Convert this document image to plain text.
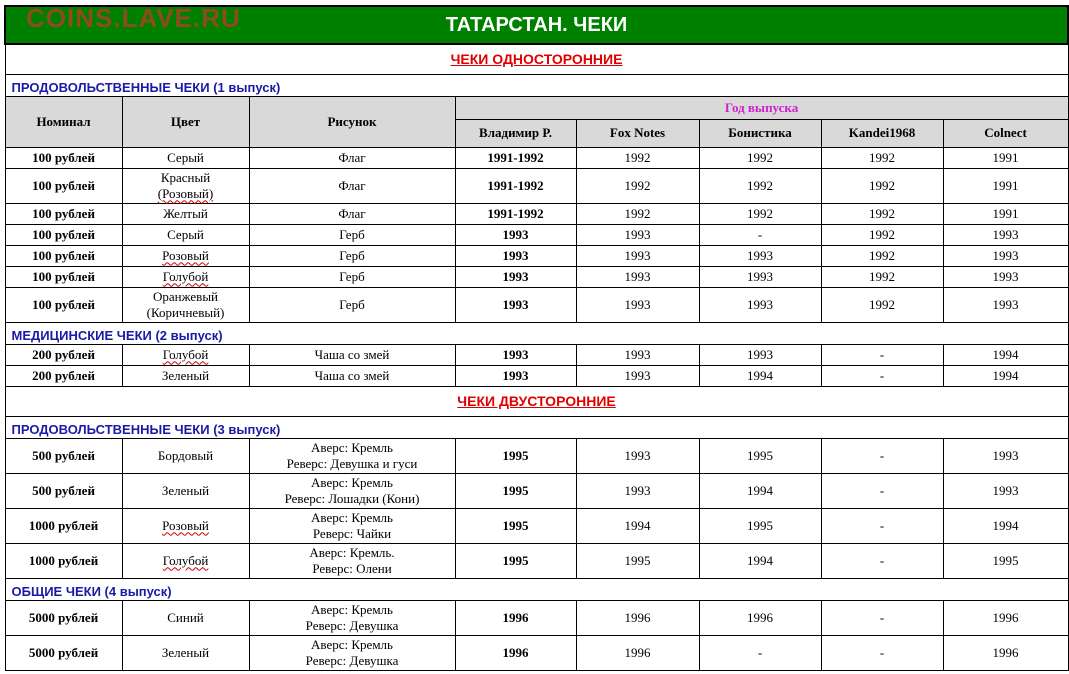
COINS.LAVE.RU ТАТАРСТАН. ЧЕКИ							
ЧЕКИ ОДНОСТОРОННИЕ							
ПРОДОВОЛЬСТВЕННЫЕ ЧЕКИ (1 выпуск)							
Номинал	Цвет	Рисунок	Год выпуска				
			Владимир Р.	Fox Notes	Бонистика	Kandei1968	Colnect
100 рублей	Серый	Флаг	1991-1992	1992	1992	1992	1991
100 рублей	Красный
(Розовый)	Флаг	1991-1992	1992	1992	1992	1991
100 рублей	Желтый	Флаг	1991-1992	1992	1992	1992	1991
100 рублей	Серый	Герб	1993	1993	-	1992	1993
100 рублей	Розовый	Герб	1993	1993	1993	1992	1993
100 рублей	Голубой	Герб	1993	1993	1993	1992	1993
100 рублей	Оранжевый
(Коричневый)	Герб	1993	1993	1993	1992	1993
МЕДИЦИНСКИЕ ЧЕКИ (2 выпуск)							
200 рублей	Голубой	Чаша со змей	1993	1993	1993	-	1994
200 рублей	Зеленый	Чаша со змей	1993	1993	1994	-	1994
ЧЕКИ ДВУСТОРОННИЕ							
ПРОДОВОЛЬСТВЕННЫЕ ЧЕКИ (3 выпуск)							
500 рублей	Бордовый	Аверс: Кремль
Реверс: Девушка и гуси	1995	1993	1995	-	1993
500 рублей	Зеленый	Аверс: Кремль
Реверс: Лошадки (Кони)	1995	1993	1994	-	1993
1000 рублей	Розовый	Аверс: Кремль
Реверс: Чайки	1995	1994	1995	-	1994
1000 рублей	Голубой	Аверс: Кремль.
Реверс: Олени	1995	1995	1994	-	1995
ОБЩИЕ ЧЕКИ (4 выпуск)							
5000 рублей	Синий	Аверс: Кремль
Реверс: Девушка	1996	1996	1996	-	1996
5000 рублей	Зеленый	Аверс: Кремль
Реверс: Девушка	1996	1996	-	-	1996
